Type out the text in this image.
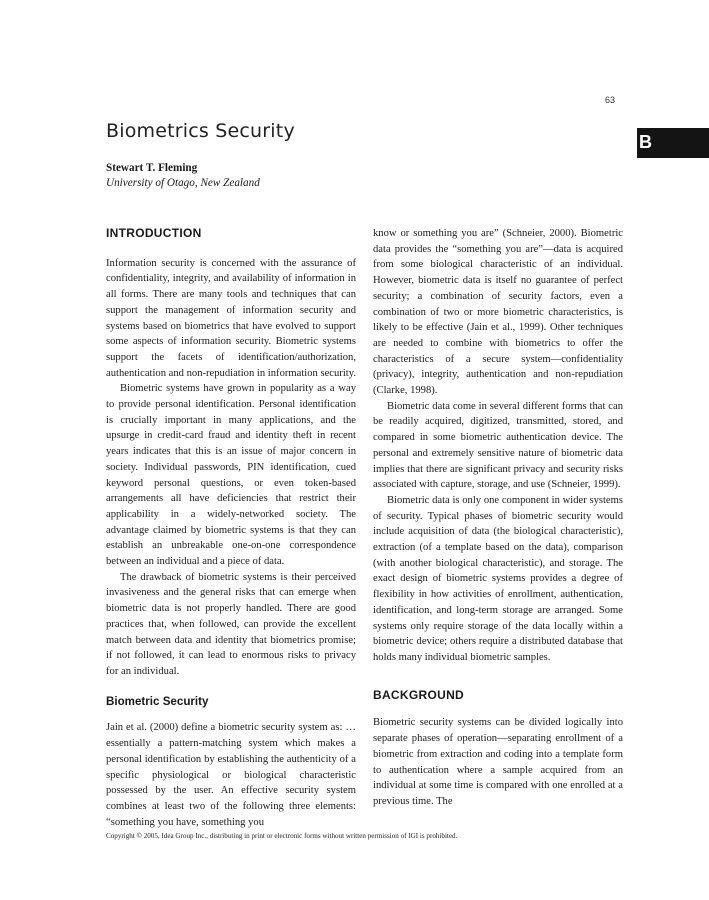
63
Biometrics Security	B
Stewart T. Fleming
University of Otago, New Zealand
INTRODUCTION

Information security is concerned with the assurance of confidentiality, integrity, and availability of information in all forms. There are many tools and techniques that can support the management of information security and systems based on biometrics that have evolved to support some aspects of information security. Biometric systems support the facets of identification/authorization, authentication and non-repudiation in information security.

Biometric systems have grown in popularity as a way to provide personal identification. Personal identification is crucially important in many applications, and the upsurge in credit-card fraud and identity theft in recent years indicates that this is an issue of major concern in society. Individual passwords, PIN identification, cued keyword personal questions, or even token-based arrangements all have deficiencies that restrict their applicability in a widely-networked society. The advantage claimed by biometric systems is that they can establish an unbreakable one-on-one correspondence between an individual and a piece of data.

The drawback of biometric systems is their perceived invasiveness and the general risks that can emerge when biometric data is not properly handled. There are good practices that, when followed, can provide the excellent match between data and identity that biometrics promise; if not followed, it can lead to enormous risks to privacy for an individual.

Biometric Security

Jain et al. (2000) define a biometric security system as: …essentially a pattern-matching system which makes a personal identification by establishing the authenticity of a specific physiological or biological characteristic possessed by the user. An effective security system combines at least two of the following three elements: “something you have, something you

know or something you are” (Schneier, 2000). Biometric data provides the “something you are”—data is acquired from some biological characteristic of an individual. However, biometric data is itself no guarantee of perfect security; a combination of security factors, even a combination of two or more biometric characteristics, is likely to be effective (Jain et al., 1999). Other techniques are needed to combine with biometrics to offer the characteristics of a secure system—confidentiality (privacy), integrity, authentication and non-repudiation (Clarke, 1998).

Biometric data come in several different forms that can be readily acquired, digitized, transmitted, stored, and compared in some biometric authentication device. The personal and extremely sensitive nature of biometric data implies that there are significant privacy and security risks associated with capture, storage, and use (Schneier, 1999).

Biometric data is only one component in wider systems of security. Typical phases of biometric security would include acquisition of data (the biological characteristic), extraction (of a template based on the data), comparison (with another biological characteristic), and storage. The exact design of biometric systems provides a degree of flexibility in how activities of enrollment, authentication, identification, and long-term storage are arranged. Some systems only require storage of the data locally within a biometric device; others require a distributed database that holds many individual biometric samples.

BACKGROUND

Biometric security systems can be divided logically into separate phases of operation—separating enrollment of a biometric from extraction and coding into a template form to authentication where a sample acquired from an individual at some time is compared with one enrolled at a previous time. The

Copyright © 2005, Idea Group Inc., distributing in print or electronic forms without written permission of IGI is prohibited.
